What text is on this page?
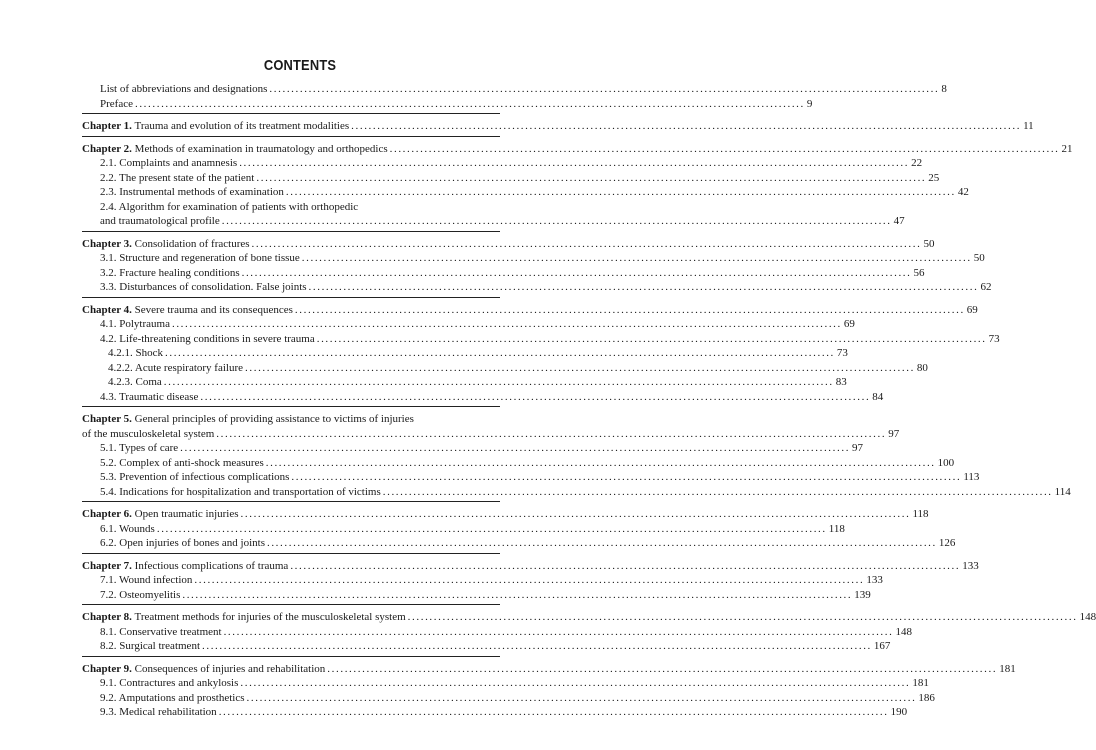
CONTENTS
List of abbreviations and designations .....	8
Preface .....	9
Chapter 1. Trauma and evolution of its treatment modalities .....	11
Chapter 2. Methods of examination in traumatology and orthopedics .....	21
2.1. Complaints and anamnesis .....	22
2.2. The present state of the patient .....	25
2.3. Instrumental methods of examination .....	42
2.4. Algorithm for examination of patients with orthopedic
and traumatological profile .....	47
Chapter 3. Consolidation of fractures .....	50
3.1. Structure and regeneration of bone tissue .....	50
3.2. Fracture healing conditions .....	56
3.3. Disturbances of consolidation. False joints .....	62
Chapter 4. Severe trauma and its consequences .....	69
4.1. Polytrauma .....	69
4.2. Life-threatening conditions in severe trauma .....	73
4.2.1. Shock .....	73
4.2.2. Acute respiratory failure .....	80
4.2.3. Coma .....	83
4.3. Traumatic disease .....	84
Chapter 5. General principles of providing assistance to victims of injuries
of the musculoskeletal system .....	97
5.1. Types of care .....	97
5.2. Complex of anti-shock measures .....	100
5.3. Prevention of infectious complications .....	113
5.4. Indications for hospitalization and transportation of victims .....	114
Chapter 6. Open traumatic injuries .....	118
6.1. Wounds .....	118
6.2. Open injuries of bones and joints .....	126
Chapter 7. Infectious complications of trauma .....	133
7.1. Wound infection .....	133
7.2. Osteomyelitis .....	139
Chapter 8. Treatment methods for injuries of the musculoskeletal system .....	148
8.1. Conservative treatment .....	148
8.2. Surgical treatment .....	167
Chapter 9. Consequences of injuries and rehabilitation .....	181
9.1. Contractures and ankylosis .....	181
9.2. Amputations and prosthetics .....	186
9.3. Medical rehabilitation .....	190
